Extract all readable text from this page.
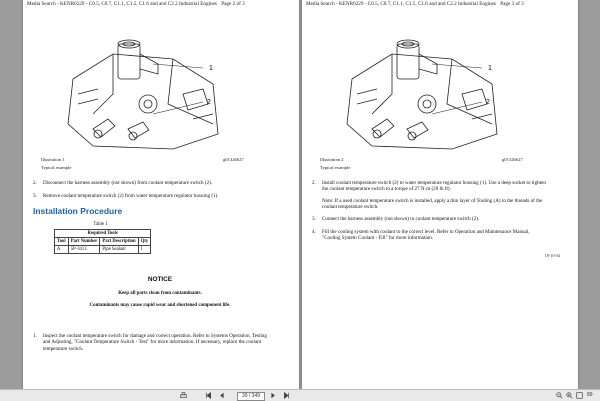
Media Search - KENR6229 - C0.5, C0.7, C1.1, C1.5, C1.6 and and C2.2 Industrial Engines Page 2 of 3
1
2
Illustration 1	g01326627
Typical example
2. Disconnect the harness assembly (not shown) from coolant temperature switch (2).
3. Remove coolant temperature switch (2) from water temperature regulator housing (1).
Installation Procedure
Table 1
Required Tools			
Tool	Part Number	Part Description	Qty
A	5P-3413	Pipe Sealant	1
NOTICE
Keep all parts clean from contaminants.
Contaminants may cause rapid wear and shortened component life.
1. Inspect the coolant temperature switch for damage and correct operation. Refer to Systems Operation, Testing and Adjusting, "Coolant Temperature Switch - Test" for more information. If necessary, replace the coolant temperature switch.
Media Search - KENR6229 - C0.5, C0.7, C1.1, C1.5, C1.6 and and C2.2 Industrial Engines Page 3 of 3
1
2
Illustration 2	g01326627
Typical example
2. Install coolant temperature switch (2) to water temperature regulator housing (1). Use a deep socket to tighten the coolant temperature switch to a torque of 27 N·m (20 lb ft).
Note: If a used coolant temperature switch is installed, apply a thin layer of Tooling (A) to the threads of the coolant temperature switch.
3. Connect the harness assembly (not shown) to coolant temperature switch (2).
4. Fill the cooling system with coolant to the correct level. Refer to Operation and Maintenance Manual, "Cooling System Coolant - Fill" for more information.
18-10-04
39 / 349	89
